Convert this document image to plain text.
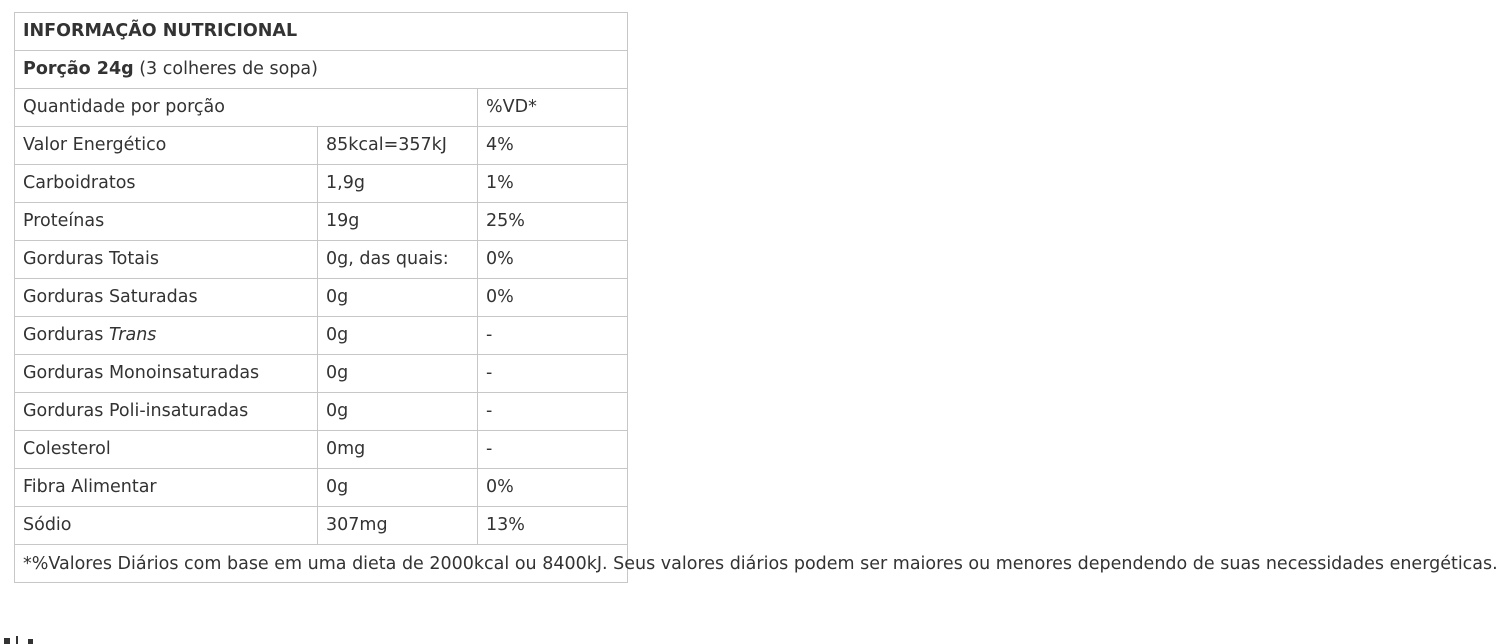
INFORMAÇÃO NUTRICIONAL		
Porção 24g (3 colheres de sopa)		
Quantidade por porção		%VD*
Valor Energético	85kcal=357kJ	4%
Carboidratos	1,9g	1%
Proteínas	19g	25%
Gorduras Totais	0g, das quais:	0%
Gorduras Saturadas	0g	0%
Gorduras Trans	0g	-
Gorduras Monoinsaturadas	0g	-
Gorduras Poli-insaturadas	0g	-
Colesterol	0mg	-
Fibra Alimentar	0g	0%
Sódio	307mg	13%
*%Valores Diários com base em uma dieta de 2000kcal ou 8400kJ. Seus valores diários podem ser maiores ou menores dependendo de suas necessidades energéticas.		
